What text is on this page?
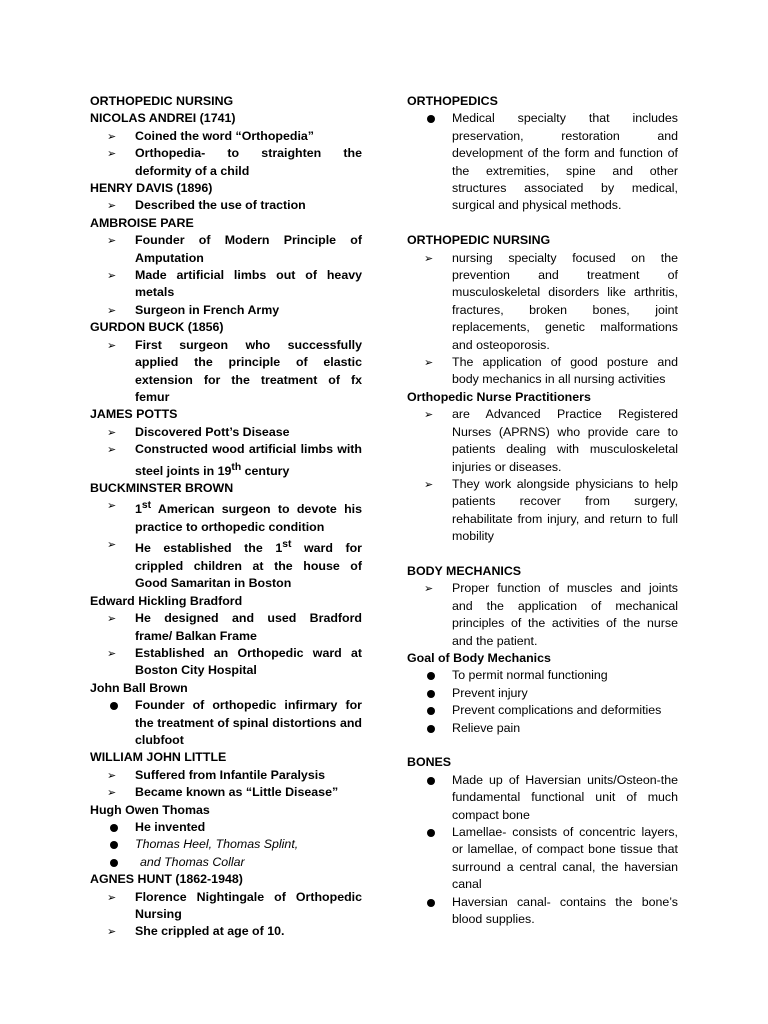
ORTHOPEDIC NURSING
NICOLAS ANDREI (1741)
➢ Coined the word “Orthopedia”
➢ Orthopedia- to straighten the deformity of a child
HENRY DAVIS (1896)
➢ Described the use of traction
AMBROISE PARE
➢ Founder of Modern Principle of Amputation
➢ Made artificial limbs out of heavy metals
➢ Surgeon in French Army
GURDON BUCK (1856)
➢ First surgeon who successfully applied the principle of elastic extension for the treatment of fx femur
JAMES POTTS
➢ Discovered Pott’s Disease
➢ Constructed wood artificial limbs with steel joints in 19th century
BUCKMINSTER BROWN
➢ 1st American surgeon to devote his practice to orthopedic condition
➢ He established the 1st ward for crippled children at the house of Good Samaritan in Boston
Edward Hickling Bradford
➢ He designed and used Bradford frame/ Balkan Frame
➢ Established an Orthopedic ward at Boston City Hospital
John Ball Brown
Founder of orthopedic infirmary for the treatment of spinal distortions and clubfoot
WILLIAM JOHN LITTLE
➢ Suffered from Infantile Paralysis
➢ Became known as “Little Disease”
Hugh Owen Thomas
He invented
Thomas Heel, Thomas Splint,
and Thomas Collar
AGNES HUNT (1862-1948)
➢ Florence Nightingale of Orthopedic Nursing
➢ She crippled at age of 10.
ORTHOPEDICS
Medical specialty that includes preservation, restoration and development of the form and function of the extremities, spine and other structures associated by medical, surgical and physical methods.
ORTHOPEDIC NURSING
➢ nursing specialty focused on the prevention and treatment of musculoskeletal disorders like arthritis, fractures, broken bones, joint replacements, genetic malformations and osteoporosis.
➢ The application of good posture and body mechanics in all nursing activities
Orthopedic Nurse Practitioners
➢ are Advanced Practice Registered Nurses (APRNS) who provide care to patients dealing with musculoskeletal injuries or diseases.
➢ They work alongside physicians to help patients recover from surgery, rehabilitate from injury, and return to full mobility
BODY MECHANICS
➢ Proper function of muscles and joints and the application of mechanical principles of the activities of the nurse and the patient.
Goal of Body Mechanics
To permit normal functioning
Prevent injury
Prevent complications and deformities
Relieve pain
BONES
Made up of Haversian units/Osteon-the fundamental functional unit of much compact bone
Lamellae- consists of concentric layers, or lamellae, of compact bone tissue that surround a central canal, the haversian canal
Haversian canal- contains the bone’s blood supplies.
